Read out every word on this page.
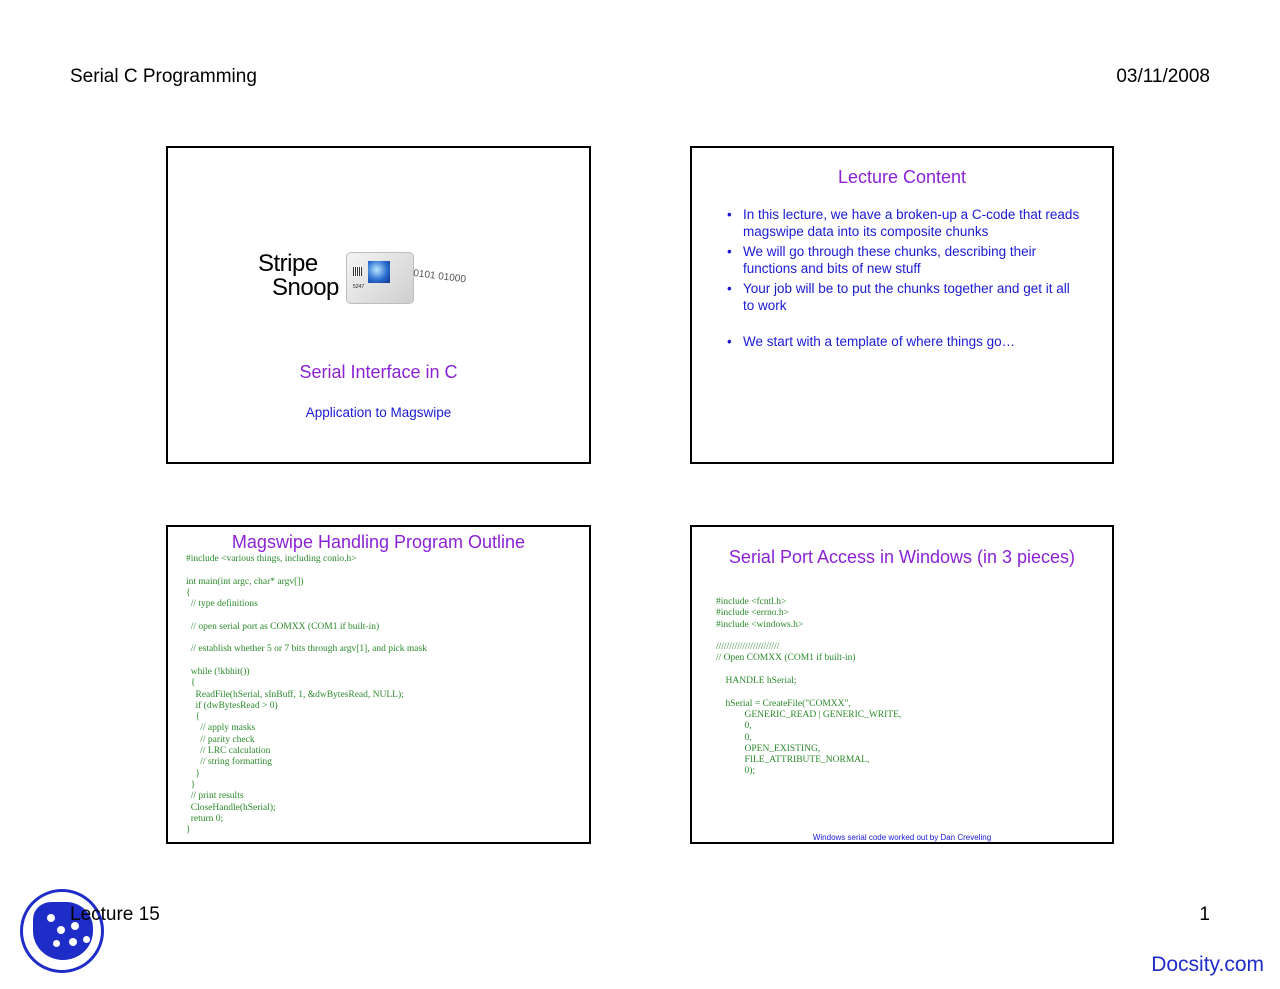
Serial C Programming	03/11/2008
Stripe
Snoop	5247
0101 01000
Serial Interface in C
Application to Magswipe
Lecture Content
• In this lecture, we have a broken-up a C-code that reads magswipe data into its composite chunks
• We will go through these chunks, describing their functions and bits of new stuff
• Your job will be to put the chunks together and get it all to work
• We start with a template of where things go…
Magswipe Handling Program Outline
#include <various things, including conio.h>

int main(int argc, char* argv[])
{
// type definitions

// open serial port as COMXX (COM1 if built-in)

// establish whether 5 or 7 bits through argv[1], and pick mask

while (!kbhit())
{
ReadFile(hSerial, sInBuff, 1, &dwBytesRead, NULL);
if (dwBytesRead > 0)
{
// apply masks
// parity check
// LRC calculation
// string formatting
}
}
// print results
CloseHandle(hSerial);
return 0;
}
Serial Port Access in Windows (in 3 pieces)
#include <fcntl.h>
#include <errno.h>
#include <windows.h>

////////////////////////
// Open COMXX (COM1 if built-in)

HANDLE hSerial;

hSerial = CreateFile("COMXX",
GENERIC_READ | GENERIC_WRITE,
0,
0,
OPEN_EXISTING,
FILE_ATTRIBUTE_NORMAL,
0);
Windows serial code worked out by Dan Creveling
Lecture 15	1
Docsity.com
